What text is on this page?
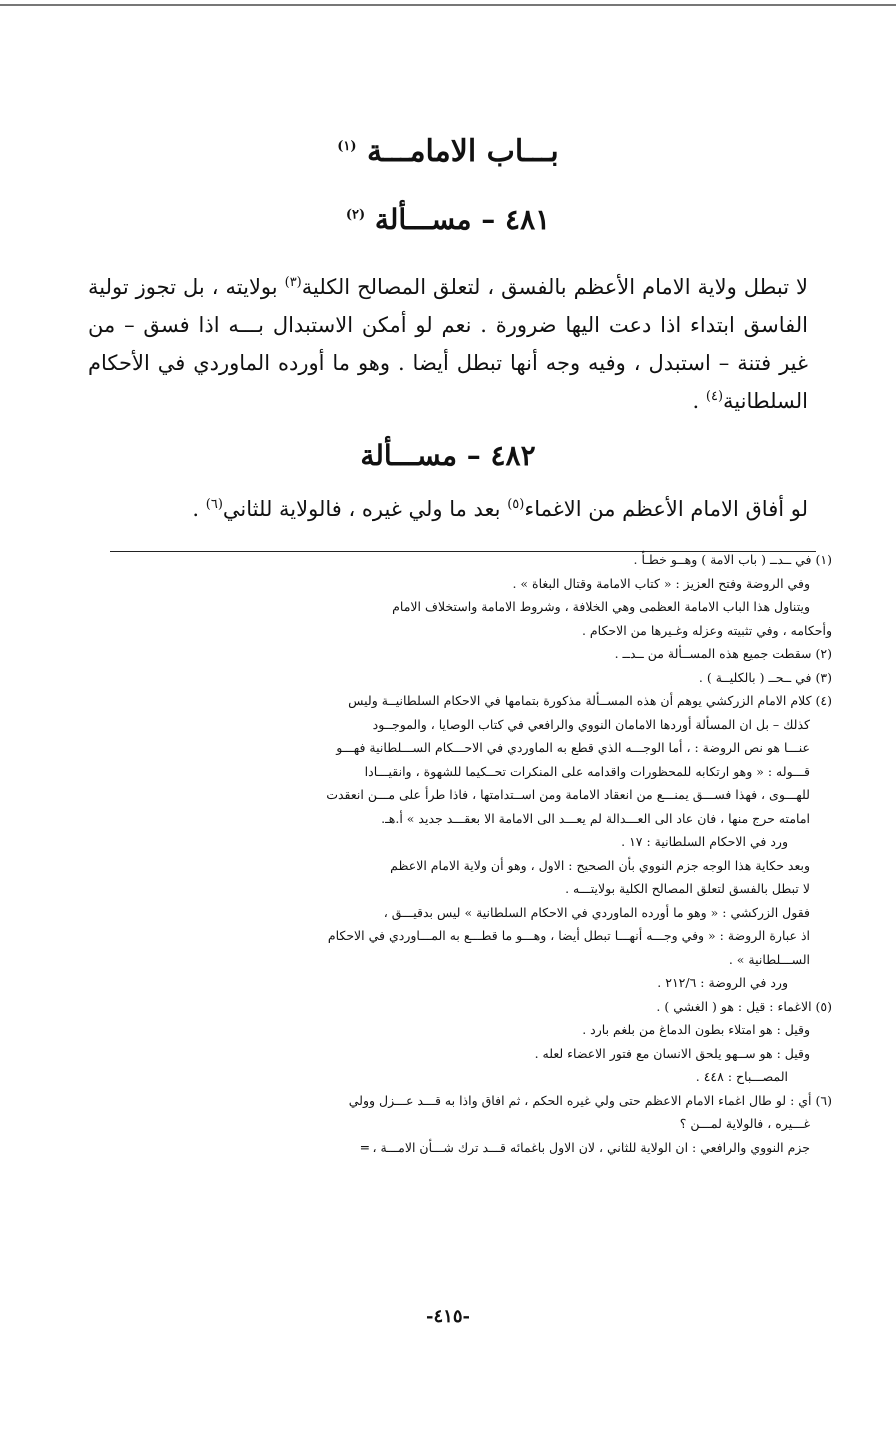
بـــاب الامامـــة $^{(١)}$
٤٨١ – مســـألة $^{(٢)}$

لا تبطل ولاية الامام الأعظم بالفسق ، لتعلق المصالح الكلية$^{(٣)}$ بولايته ، بل تجوز تولية الفاسق ابتداء اذا دعت اليها ضرورة . نعم لو أمكن الاستبدال بـــه اذا فسق – من غير فتنة – استبدل ، وفيه وجه أنها تبطل أيضا . وهو ما أورده الماوردي في الأحكام السلطانية$^{(٤)}$ .

٤٨٢ – مســـألة

لو أفاق الامام الأعظم من الاغماء$^{(٥)}$ بعد ما ولي غيره ، فالولاية للثاني$^{(٦)}$ .

(١) في ــدــ ( باب الامة ) وهــو خطـأ .

وفي الروضة وفتح العزيز : « كتاب الامامة وقتال البغاة » .

ويتناول هذا الباب الامامة العظمى وهي الخلافة ، وشروط الامامة واستخلاف الامام

وأحكامه ، وفي تثبيته وعزله وغـيرها من الاحكام .

(٢) سقطت جميع هذه المســألة من ــدــ .

(٣) في ــحــ ( بالكليــة ) .

(٤) كلام الامام الزركشي يوهم أن هذه المســألة مذكورة بتمامها في الاحكام السلطانيــة وليس

كذلك – بل ان المسألة أوردها الامامان النووي والرافعي في كتاب الوصايا ، والموجــود

عنـــا هو نص الروضة : ، أما الوجـــه الذي قطع به الماوردي في الاحـــكام الســـلطانية فهـــو

قـــوله : « وهو ارتكابه للمحظورات واقدامه على المنكرات تحــكيما للشهوة ، وانقيـــادا

للهـــوى ، فهذا فســـق يمنـــع من انعقاد الامامة ومن اســتدامتها ، فاذا طرأ على مـــن انعقدت

امامته حرج منها ، فان عاد الى العـــدالة لم يعـــد الى الامامة الا بعقـــد جديد » أ.هـ.

ورد في الاحكام السلطانية : ١٧ .

وبعد حكاية هذا الوجه جزم النووي بأن الصحيح : الاول ، وهو أن ولاية الامام الاعظم

لا تبطل بالفسق لتعلق المصالح الكلية بولايتـــه .

فقول الزركشي : « وهو ما أورده الماوردي في الاحكام السلطانية » ليس بدقيـــق ،

اذ عبارة الروضة : « وفي وجـــه أنهـــا تبطل أيضا ، وهـــو ما قطـــع به المـــاوردي في الاحكام

الســـلطانية » .

ورد في الروضة : ٢١٢/٦ .

(٥) الاغماء : قيل : هو ( الغشي ) .

وقيل : هو امتلاء بطون الدماغ من بلغم بارد .

وقيل : هو ســهو يلحق الانسان مع فتور الاعضاء لعله .

المصـــباح : ٤٤٨ .

(٦) أي : لو طال اغماء الامام الاعظم حتى ولي غيره الحكم ، ثم افاق واذا به قـــد عـــزل وولي

غـــيره ، فالولاية لمـــن ؟

جزم النووي والرافعي : ان الولاية للثاني ، لان الاول باغمائه قـــد ترك شـــأن الامـــة ، ═

-٤١٥-
